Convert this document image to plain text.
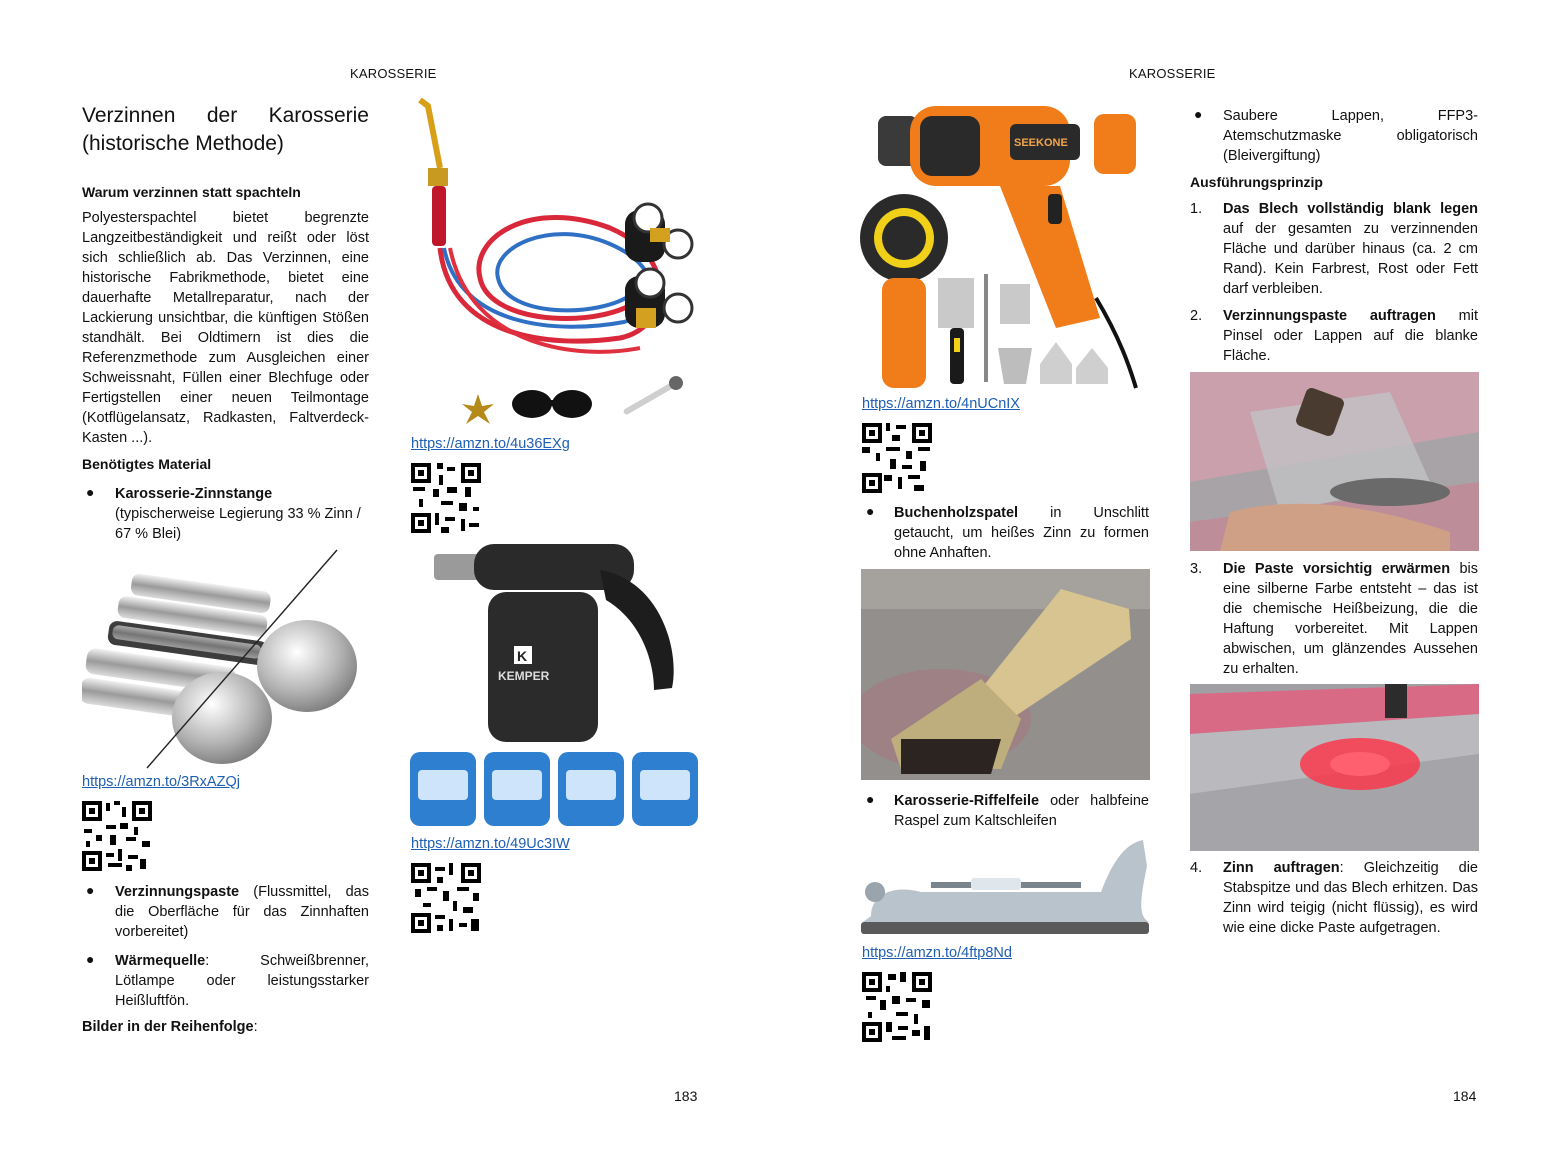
KAROSSERIE
Verzinnen der Karosserie
(historische Methode)
Warum verzinnen statt spachteln
Polyesterspachtel bietet begrenzte Langzeitbeständigkeit und reißt oder löst sich schließlich ab. Das Verzinnen, eine historische Fabrikmethode, bietet eine dauerhafte Metallreparatur, nach der Lackierung unsichtbar, die künftigen Stößen standhält. Bei Oldtimern ist dies die Referenzmethode zum Ausgleichen einer Schweissnaht, Füllen einer Blechfuge oder Fertigstellen einer neuen Teilmontage (Kotflügelansatz, Radkasten, Faltverdeck-Kasten ...).
Benötigtes Material
● Karosserie-Zinnstange
(typischerweise Legierung 33 % Zinn / 67 % Blei)
https://amzn.to/3RxAZQj
● Verzinnungspaste (Flussmittel, das die Oberfläche für das Zinnhaften vorbereitet)
● Wärmequelle: Schweißbrenner, Lötlampe oder leistungsstarker Heißluftfön.
Bilder in der Reihenfolge:
https://amzn.to/4u36EXg
K
KEMPER
https://amzn.to/49Uc3IW
183
KAROSSERIE
SEEKONE
https://amzn.to/4nUCnIX
● Buchenholzspatel in Unschlitt getaucht, um heißes Zinn zu formen ohne Anhaften.
● Karosserie-Riffelfeile oder halbfeine Raspel zum Kaltschleifen
https://amzn.to/4ftp8Nd
● Saubere Lappen, FFP3-Atemschutzmaske obligatorisch (Bleivergiftung)
Ausführungsprinzip
1. Das Blech vollständig blank legen auf der gesamten zu verzinnenden Fläche und darüber hinaus (ca. 2 cm Rand). Kein Farbrest, Rost oder Fett darf verbleiben.
2. Verzinnungspaste auftragen mit Pinsel oder Lappen auf die blanke Fläche.
3. Die Paste vorsichtig erwärmen bis eine silberne Farbe entsteht – das ist die chemische Heißbeizung, die die Haftung vorbereitet. Mit Lappen abwischen, um glänzendes Aussehen zu erhalten.
4. Zinn auftragen: Gleichzeitig die Stabspitze und das Blech erhitzen. Das Zinn wird teigig (nicht flüssig), es wird wie eine dicke Paste aufgetragen.
184
